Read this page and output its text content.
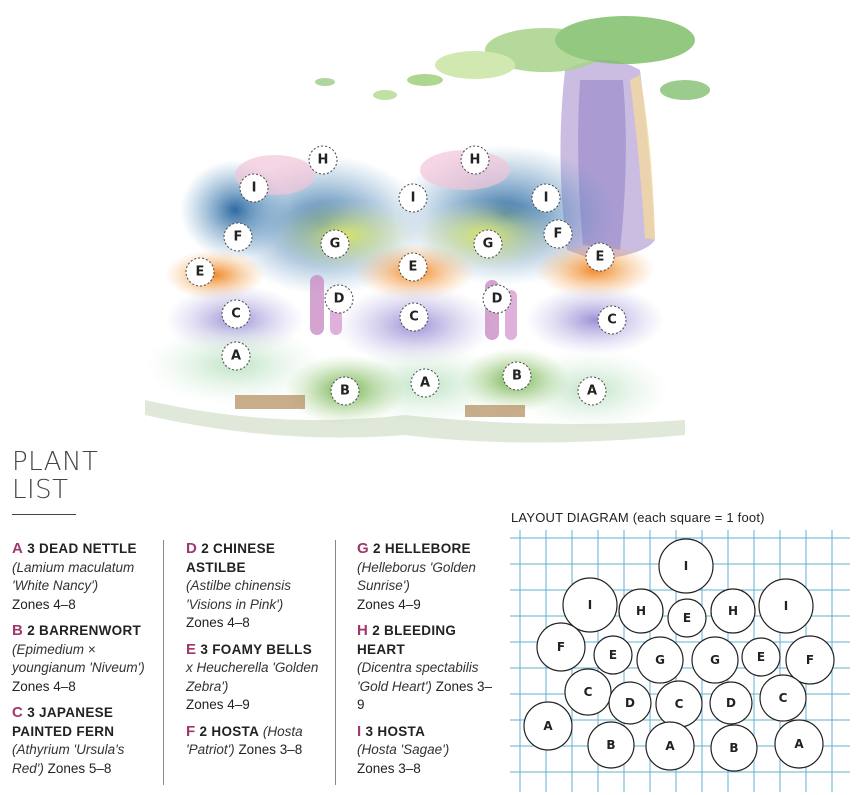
H	H
I
I	I
F	G	G
F
E	E
E
D	D
C	C	C
A
B
A	B
A
PLANT
LIST
A 3 DEAD NETTLE
(Lamium maculatum 'White Nancy')
Zones 4–8
B 2 BARRENWORT
(Epimedium × youngianum 'Niveum') Zones 4–8
C 3 JAPANESE PAINTED FERN
(Athyrium 'Ursula's Red') Zones 5–8
D 2 CHINESE ASTILBE
(Astilbe chinensis 'Visions in Pink')
Zones 4–8
E 3 FOAMY BELLS
x Heucherella 'Golden Zebra')
Zones 4–9
F 2 HOSTA (Hosta 'Patriot') Zones 3–8
G 2 HELLEBORE
(Helleborus 'Golden Sunrise')
Zones 4–9
H 2 BLEEDING HEART
(Dicentra spectabilis 'Gold Heart') Zones 3–9
I 3 HOSTA
(Hosta 'Sagae')
Zones 3–8
LAYOUT DIAGRAM (each square = 1 foot)
I
I	H	E	H	I
F
E	G	G	E	F
C
D	C	D	C
A
B	A	B	A
